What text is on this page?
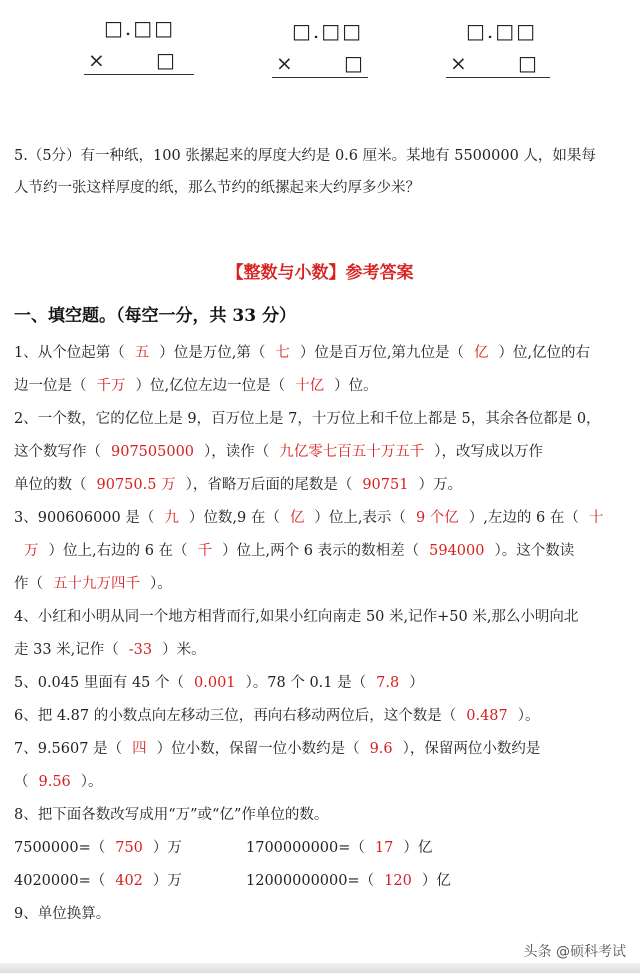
□.□□
×	□
□.□□
×	□
□.□□
×	□
5.（5分）有一种纸，100 张摞起来的厚度大约是 0.6 厘米。某地有 5500000 人，如果每
人节约一张这样厚度的纸，那么节约的纸摞起来大约厚多少米？
【整数与小数】参考答案
一、填空题。（每空一分，共 33 分）
1、从个位起第（ 五 ）位是万位,第（ 七 ）位是百万位,第九位是（ 亿 ）位,亿位的右
边一位是（ 千万 ）位,亿位左边一位是（ 十亿 ）位。
2、一个数，它的亿位上是 9，百万位上是 7，十万位上和千位上都是 5，其余各位都是 0，
这个数写作（ 907505000 ），读作（ 九亿零七百五十万五千 ），改写成以万作
单位的数（ 90750.5 万 ），省略万后面的尾数是（ 90751 ）万。
3、900606000 是（ 九 ）位数,9 在（ 亿 ）位上,表示（ 9 个亿 ）,左边的 6 在（ 十
万 ）位上,右边的 6 在（ 千 ）位上,两个 6 表示的数相差（ 594000 ）。这个数读
作（ 五十九万四千 ）。
4、小红和小明从同一个地方相背而行,如果小红向南走 50 米,记作+50 米,那么小明向北
走 33 米,记作（ -33 ）米。
5、0.045 里面有 45 个（ 0.001 ）。78 个 0.1 是（ 7.8 ）
6、把 4.87 的小数点向左移动三位，再向右移动两位后，这个数是（ 0.487 ）。
7、9.5607 是（ 四 ）位小数，保留一位小数约是（ 9.6 ），保留两位小数约是
（ 9.56 ）。
8、把下面各数改写成用“万”或“亿”作单位的数。
7500000=（ 750 ）万	1700000000=（ 17 ）亿
4020000=（ 402 ）万	12000000000=（ 120 ）亿
9、单位换算。
头条 @硕科考试
